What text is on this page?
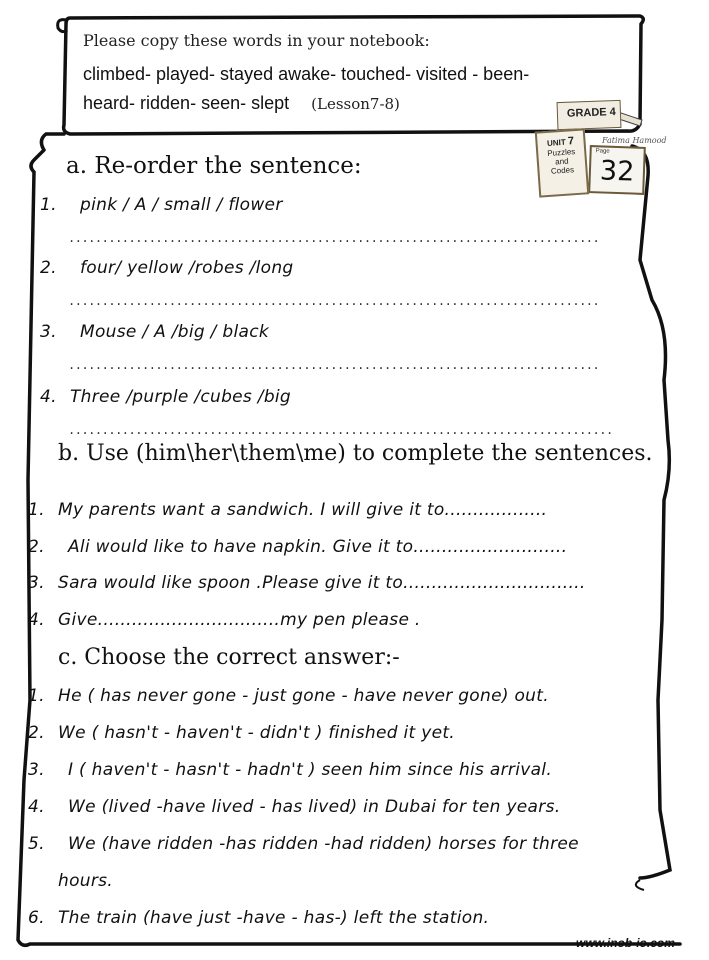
Please copy these words in your notebook:
climbed- played- stayed awake- touched- visited - been-
heard- ridden- seen- slept (Lesson7-8)	GRADE 4
Fatima Hamood
UNIT 7
Puzzles
and
Codes
Page
32
a. Re-order the sentence:
1. pink / A / small / flower
...............................................................................
2. four/ yellow /robes /long
...............................................................................
3. Mouse / A /big / black
...............................................................................
4. Three /purple /cubes /big
.................................................................................
b. Use (him\her\them\me) to complete the sentences.
1. My parents want a sandwich. I will give it to..................
2. Ali would like to have napkin. Give it to...........................
3. Sara would like spoon .Please give it to................................
4. Give................................my pen please .
c. Choose the correct answer:-
1. He ( has never gone - just gone - have never gone) out.
2. We ( hasn't - haven't - didn't ) finished it yet.
3. I ( haven't - hasn't - hadn't ) seen him since his arrival.
4. We (lived -have lived - has lived) in Dubai for ten years.
5. We (have ridden -has ridden -had ridden) horses for three
hours.
6. The train (have just -have - has-) left the station.
www.inob-io.com
